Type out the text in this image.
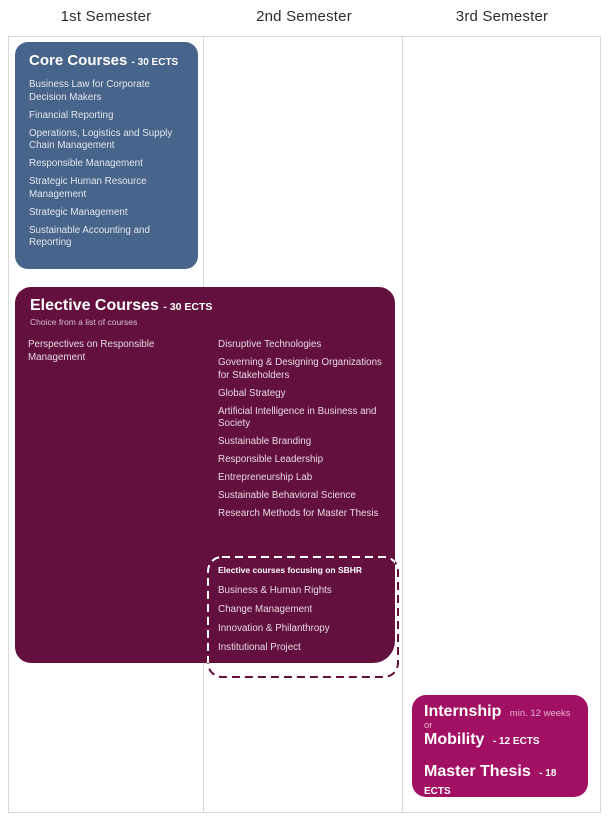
1st Semester	2nd Semester	3rd Semester
Core Courses - 30 ECTS
Business Law for Corporate Decision Makers
Financial Reporting
Operations, Logistics and Supply Chain Management
Responsible Management
Strategic Human Resource Management
Strategic Management
Sustainable Accounting and Reporting
Elective Courses - 30 ECTS
Choice from a list of courses
Perspectives on Responsible Management
Disruptive Technologies
Governing & Designing Organizations for Stakeholders
Global Strategy
Artificial Intelligence in Business and Society
Sustainable Branding
Responsible Leadership
Entrepreneurship Lab
Sustainable Behavioral Science
Research Methods for Master Thesis
Elective courses focusing on SBHR
Business & Human Rights
Change Management
Innovation & Philanthropy
Institutional Project
Internship min. 12 weeks
or
Mobility - 12 ECTS
Master Thesis - 18 ECTS
